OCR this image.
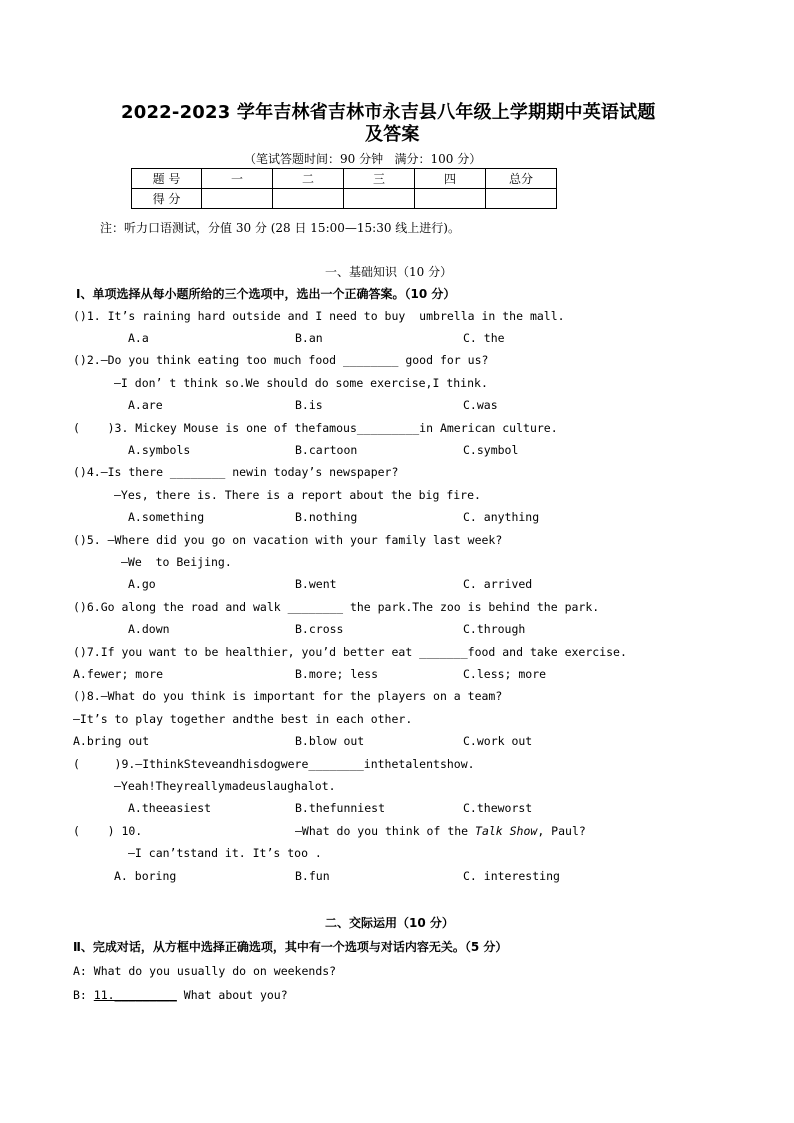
2022-2023 学年吉林省吉林市永吉县八年级上学期期中英语试题
及答案
（笔试答题时间：90 分钟   满分：100 分）
题 号	一	二	三	四	总分
得 分					
注：听力口语测试，分值 30 分 (28 日 15:00—15:30 线上进行)。
一、基础知识（10 分）
Ⅰ、单项选择从每小题所给的三个选项中，选出一个正确答案。（10 分）
()1. It’s raining hard outside and I need to buy  umbrella in the mall.
A.a	B.an	C. the
()2.—Do you think eating too much food ________ good for us?
—I don’ t think so.We should do some exercise,I think.
A.are	B.is	C.was
(    )3. Mickey Mouse is one of thefamous_________in American culture.
A.symbols	B.cartoon	C.symbol
()4.—Is there ________ newin today’s newspaper?
—Yes, there is. There is a report about the big fire.
A.something	B.nothing	C. anything
()5. —Where did you go on vacation with your family last week?
—We  to Beijing.
A.go	B.went	C. arrived
()6.Go along the road and walk ________ the park.The zoo is behind the park.
A.down	B.cross	C.through
()7.If you want to be healthier, you’d better eat _______food and take exercise.
A.fewer; more	B.more; less	C.less; more
()8.—What do you think is important for the players on a team?
—It’s to play together andthe best in each other.
A.bring out	B.blow out	C.work out
(     )9.—IthinkSteveandhisdogwere________inthetalentshow.
—Yeah!Theyreallymadeuslaughalot.
A.theeasiest	B.thefunniest	C.theworst
(    ) 10.	—What do you think of the Talk Show, Paul?
—I can’tstand it. It’s too .
A. boring	B.fun	C. interesting
二、交际运用（10 分）
Ⅱ、完成对话，从方框中选择正确选项，其中有一个选项与对话内容无关。（5 分）
A: What do you usually do on weekends?
B: 11._________ What about you?
